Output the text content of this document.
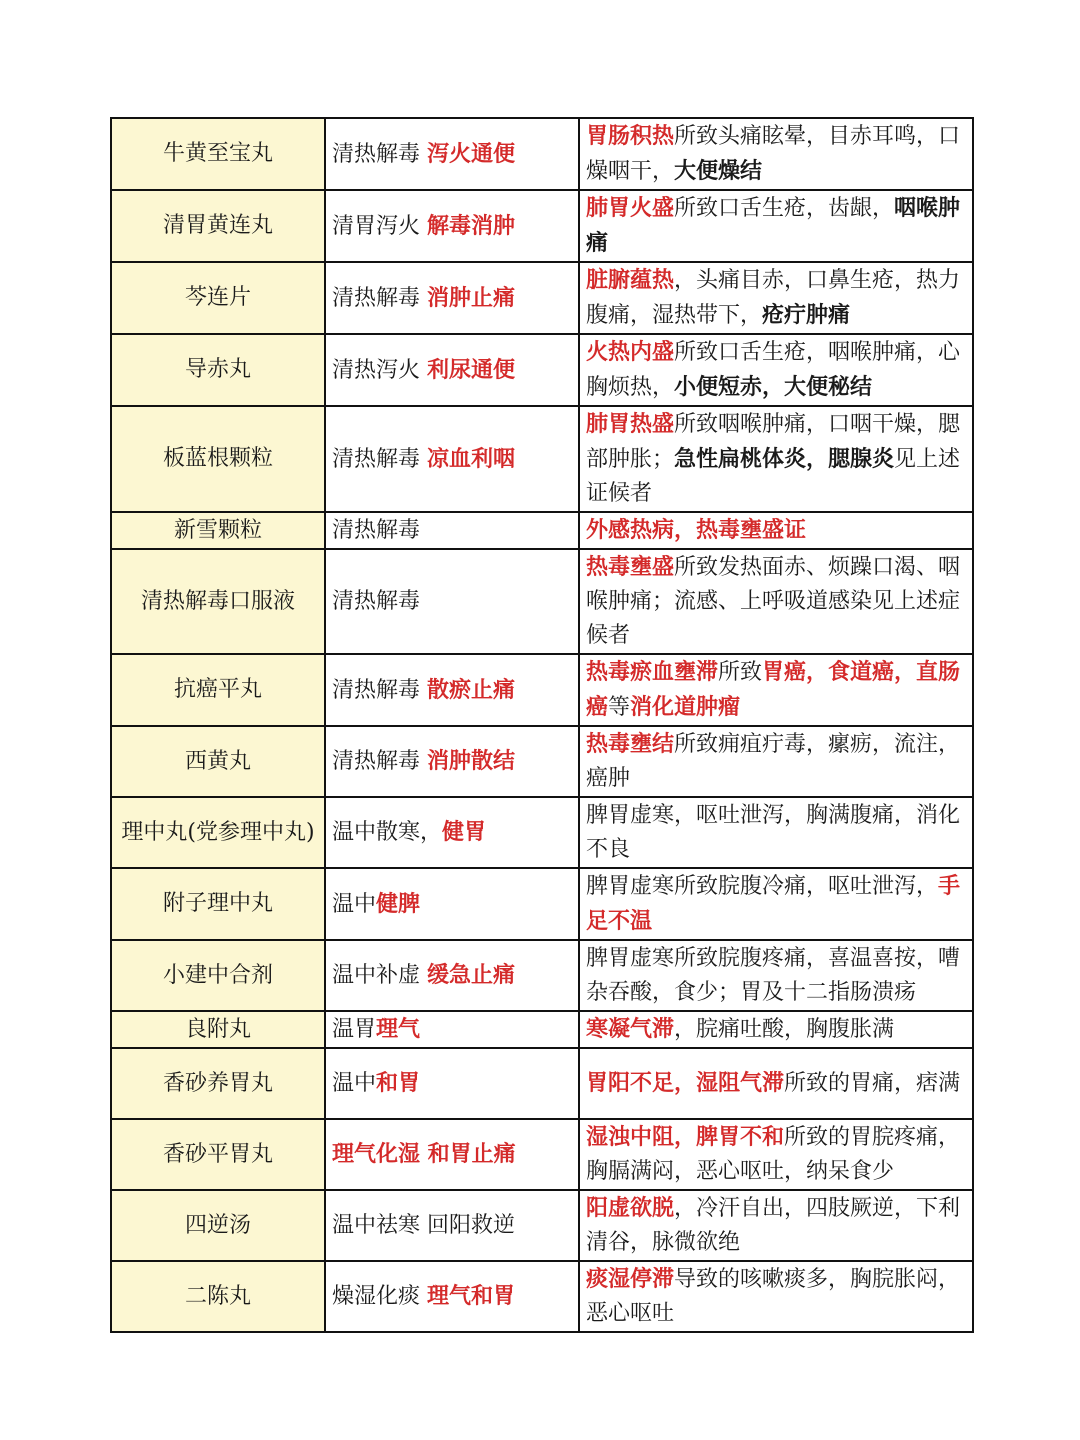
牛黄至宝丸	清热解毒 泻火通便	胃肠积热所致头痛眩晕，目赤耳鸣，口燥咽干，大便燥结
清胃黄连丸	清胃泻火 解毒消肿	肺胃火盛所致口舌生疮，齿龈，咽喉肿痛
芩连片	清热解毒 消肿止痛	脏腑蕴热，头痛目赤，口鼻生疮，热力腹痛，湿热带下，疮疔肿痛
导赤丸	清热泻火 利尿通便	火热内盛所致口舌生疮，咽喉肿痛，心胸烦热，小便短赤，大便秘结
板蓝根颗粒	清热解毒 凉血利咽	肺胃热盛所致咽喉肿痛，口咽干燥，腮部肿胀；急性扁桃体炎，腮腺炎见上述证候者
新雪颗粒	清热解毒	外感热病，热毒壅盛证
清热解毒口服液	清热解毒	热毒壅盛所致发热面赤、烦躁口渴、咽喉肿痛；流感、上呼吸道感染见上述症候者
抗癌平丸	清热解毒 散瘀止痛	热毒瘀血壅滞所致胃癌，食道癌，直肠癌等消化道肿瘤
西黄丸	清热解毒 消肿散结	热毒壅结所致痈疽疔毒，瘰疬，流注，癌肿
理中丸(党参理中丸)	温中散寒，健胃	脾胃虚寒，呕吐泄泻，胸满腹痛，消化不良
附子理中丸	温中健脾	脾胃虚寒所致脘腹冷痛，呕吐泄泻，手足不温
小建中合剂	温中补虚 缓急止痛	脾胃虚寒所致脘腹疼痛，喜温喜按，嘈杂吞酸，食少；胃及十二指肠溃疡
良附丸	温胃理气	寒凝气滞，脘痛吐酸，胸腹胀满
香砂养胃丸	温中和胃	胃阳不足，湿阻气滞所致的胃痛，痞满
香砂平胃丸	理气化湿 和胃止痛	湿浊中阻，脾胃不和所致的胃脘疼痛，胸膈满闷，恶心呕吐，纳呆食少
四逆汤	温中祛寒 回阳救逆	阳虚欲脱，冷汗自出，四肢厥逆，下利清谷，脉微欲绝
二陈丸	燥湿化痰 理气和胃	痰湿停滞导致的咳嗽痰多，胸脘胀闷，恶心呕吐
